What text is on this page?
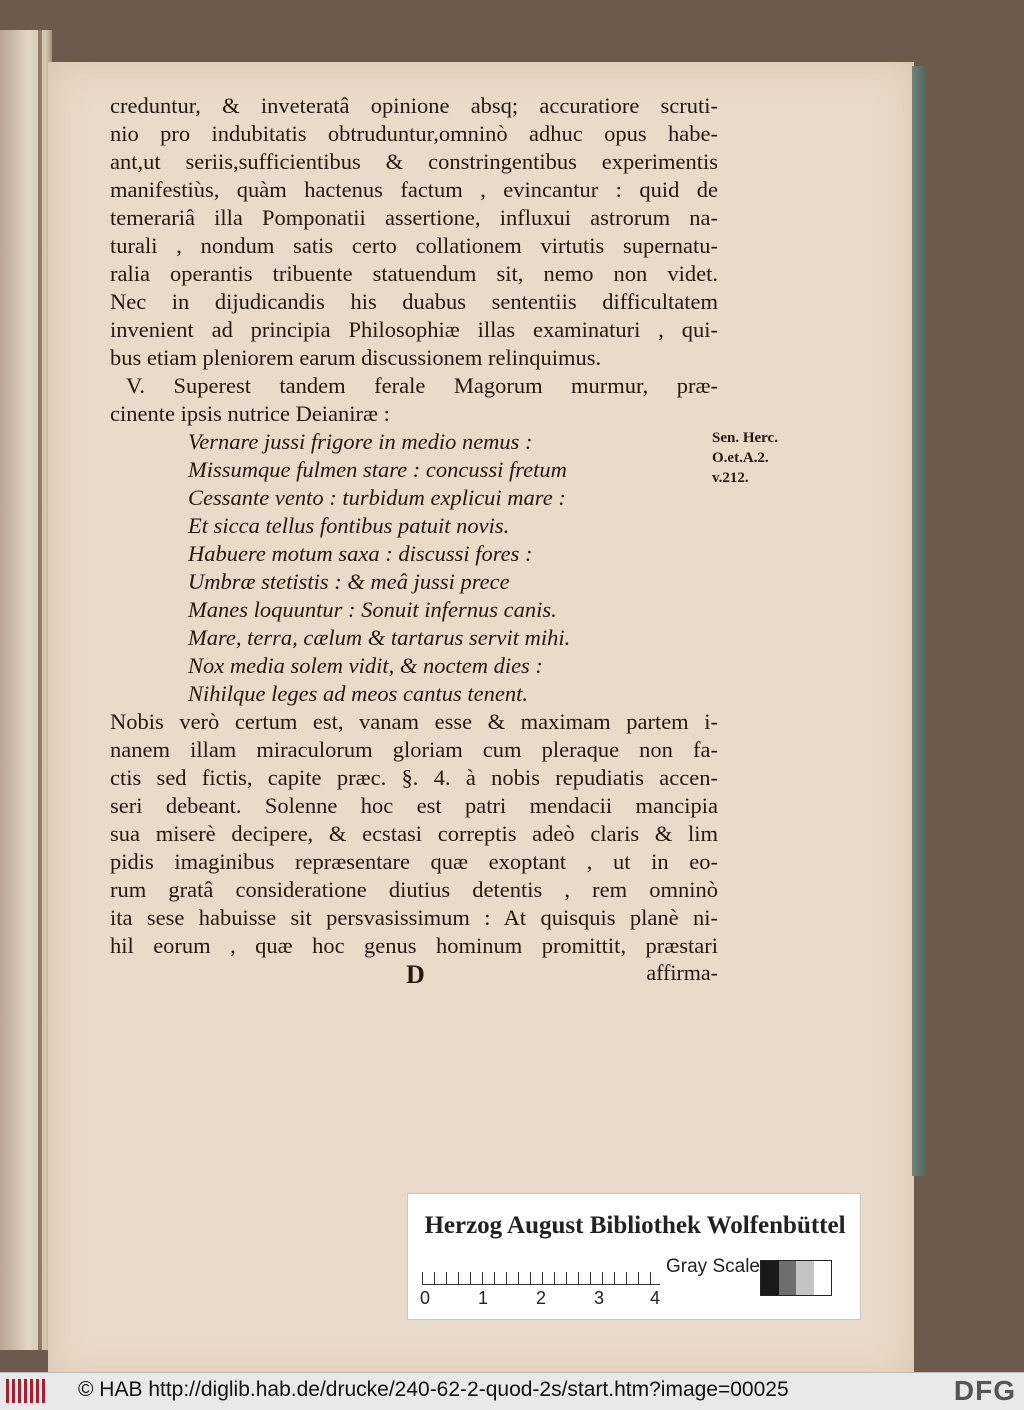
creduntur, & inveteratâ opinione absq; accuratiore scruti-
nio pro indubitatis obtruduntur,omninò adhuc opus habe-
ant,ut seriis,sufficientibus & constringentibus experimentis
manifestiùs, quàm hactenus factum , evincantur : quid de
temerariâ illa Pomponatii assertione, influxui astrorum na-
turali , nondum satis certo collationem virtutis supernatu-
ralia operantis tribuente statuendum sit, nemo non videt.
Nec in dijudicandis his duabus sententiis difficultatem
invenient ad principia Philosophiæ illas examinaturi , qui-
bus etiam pleniorem earum discussionem relinquimus.
V. Superest tandem ferale Magorum murmur, præ-
cinente ipsis nutrice Deianiræ :
Vernare jussi frigore in medio nemus :
Missumque fulmen stare : concussi fretum
Cessante vento : turbidum explicui mare :
Et sicca tellus fontibus patuit novis.
Habuere motum saxa : discussi fores :
Umbræ stetistis : & meâ jussi prece
Manes loquuntur : Sonuit infernus canis.
Mare, terra, cælum & tartarus servit mihi.
Nox media solem vidit, & noctem dies :
Nihilque leges ad meos cantus tenent.
Nobis verò certum est, vanam esse & maximam partem i-
nanem illam miraculorum gloriam cum pleraque non fa-
ctis sed fictis, capite præc. §. 4. à nobis repudiatis accen-
seri debeant. Solenne hoc est patri mendacii mancipia
sua miserè decipere, & ecstasi correptis adeò claris & lim
pidis imaginibus repræsentare quæ exoptant , ut in eo-
rum gratâ consideratione diutius detentis , rem omninò
ita sese habuisse sit persvasissimum : At quisquis planè ni-
hil eorum , quæ hoc genus hominum promittit, præstari
Sen. Herc.
O.et.A.2.
v.212.
D	affirma-
Herzog August Bibliothek Wolfenbüttel
0	1	2	3	4
Gray Scale
© HAB http://diglib.hab.de/drucke/240-62-2-quod-2s/start.htm?image=00025	DFG
